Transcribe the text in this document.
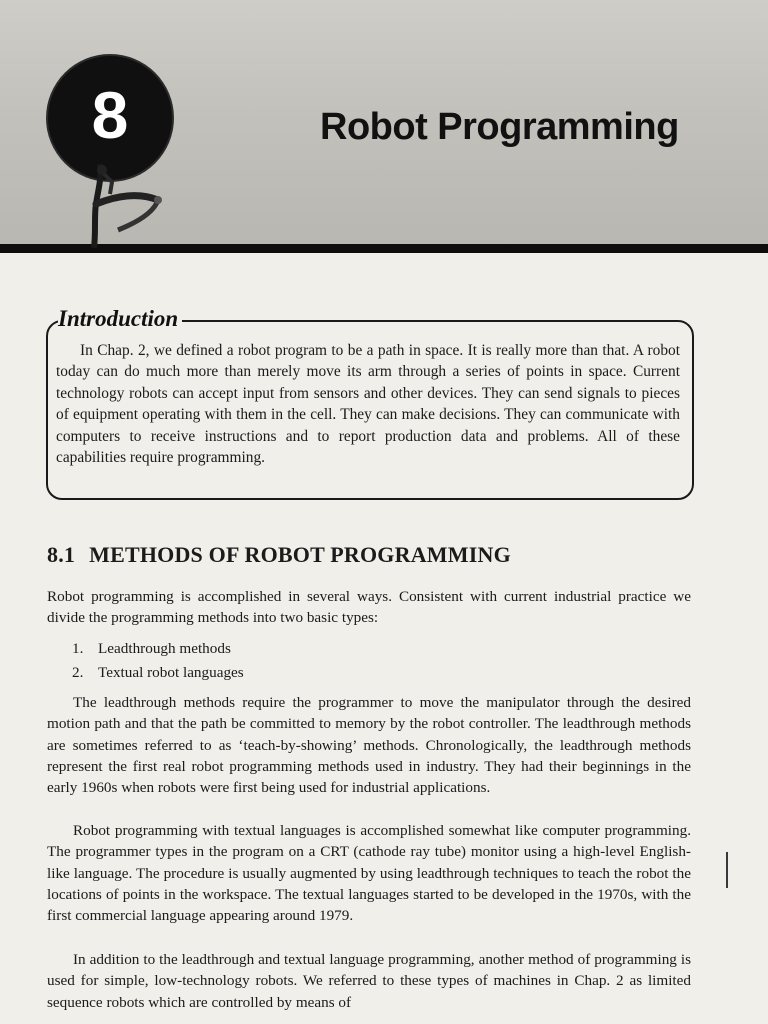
8	Robot Programming
Introduction
In Chap. 2, we defined a robot program to be a path in space. It is really more than that. A robot today can do much more than merely move its arm through a series of points in space. Current technology robots can accept input from sensors and other devices. They can send signals to pieces of equipment operating with them in the cell. They can make decisions. They can communicate with computers to receive instructions and to report production data and problems. All of these capabilities require programming.
8.1 METHODS OF ROBOT PROGRAMMING
Robot programming is accomplished in several ways. Consistent with current industrial practice we divide the programming methods into two basic types:
1. Leadthrough methods
2. Textual robot languages
The leadthrough methods require the programmer to move the manipulator through the desired motion path and that the path be committed to memory by the robot controller. The leadthrough methods are sometimes referred to as ‘teach-by-showing’ methods. Chronologically, the leadthrough methods represent the first real robot programming methods used in industry. They had their beginnings in the early 1960s when robots were first being used for industrial applications.
Robot programming with textual languages is accomplished somewhat like computer programming. The programmer types in the program on a CRT (cathode ray tube) monitor using a high-level English-like language. The procedure is usually augmented by using leadthrough techniques to teach the robot the locations of points in the workspace. The textual languages started to be developed in the 1970s, with the first commercial language appearing around 1979.
In addition to the leadthrough and textual language programming, another method of programming is used for simple, low-technology robots. We referred to these types of machines in Chap. 2 as limited sequence robots which are controlled by means of
